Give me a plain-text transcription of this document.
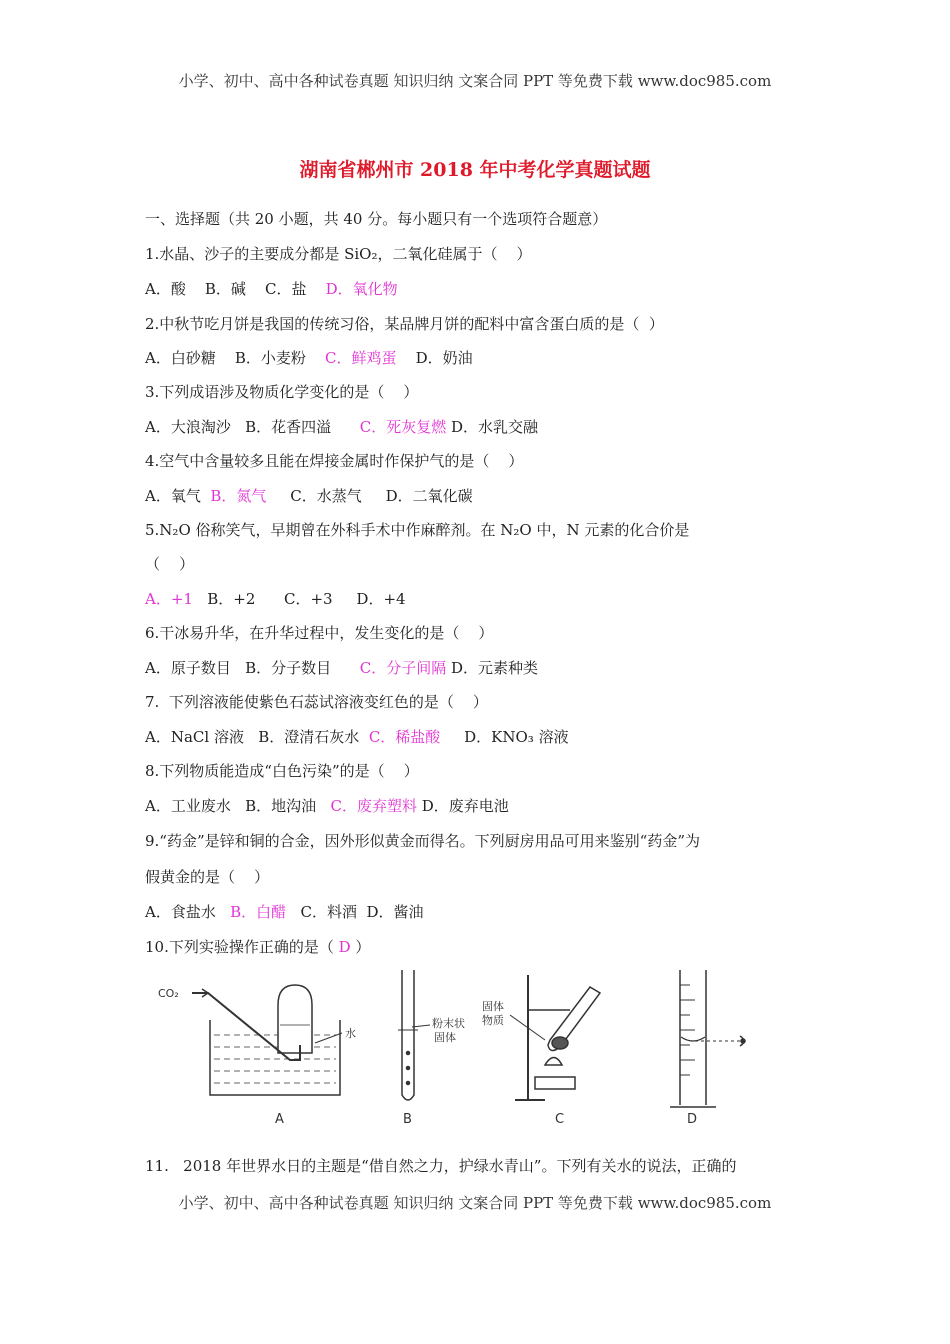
小学、初中、高中各种试卷真题 知识归纳 文案合同 PPT 等免费下载 www.doc985.com
湖南省郴州市 2018 年中考化学真题试题
一、选择题（共 20 小题，共 40 分。每小题只有一个选项符合题意）
1.水晶、沙子的主要成分都是 SiO₂，二氧化硅属于（    ）
A．酸    B．碱    C．盐    D．氧化物
2.中秋节吃月饼是我国的传统习俗，某品牌月饼的配料中富含蛋白质的是（  ）
A．白砂糖    B．小麦粉    C．鲜鸡蛋    D．奶油
3.下列成语涉及物质化学变化的是（    ）
A．大浪淘沙   B．花香四溢      C．死灰复燃 D．水乳交融
4.空气中含量较多且能在焊接金属时作保护气的是（    ）
A．氧气  B．氮气     C．水蒸气     D．二氧化碳
5.N₂O 俗称笑气，早期曾在外科手术中作麻醉剂。在 N₂O 中，N 元素的化合价是
（    ）
A．+1   B．+2      C．+3     D．+4
6.干冰易升华，在升华过程中，发生变化的是（    ）
A．原子数目   B．分子数目      C．分子间隔 D．元素种类
7.  下列溶液能使紫色石蕊试溶液变红色的是（    ）
A．NaCl 溶液   B．澄清石灰水  C．稀盐酸     D．KNO₃ 溶液
8.下列物质能造成“白色污染”的是（    ）
A．工业废水   B．地沟油   C．废弃塑料 D．废弃电池
9.“药金”是锌和铜的合金，因外形似黄金而得名。下列厨房用品可用来鉴别“药金”为
假黄金的是（    ）
A．食盐水   B．白醋   C．料酒  D．酱油
10.下列实验操作正确的是（ D ）
CO₂
水
粉末状
固体
固体
物质
A	B	C	D
11.   2018 年世界水日的主题是“借自然之力，护绿水青山”。下列有关水的说法，正确的
小学、初中、高中各种试卷真题 知识归纳 文案合同 PPT 等免费下载 www.doc985.com
